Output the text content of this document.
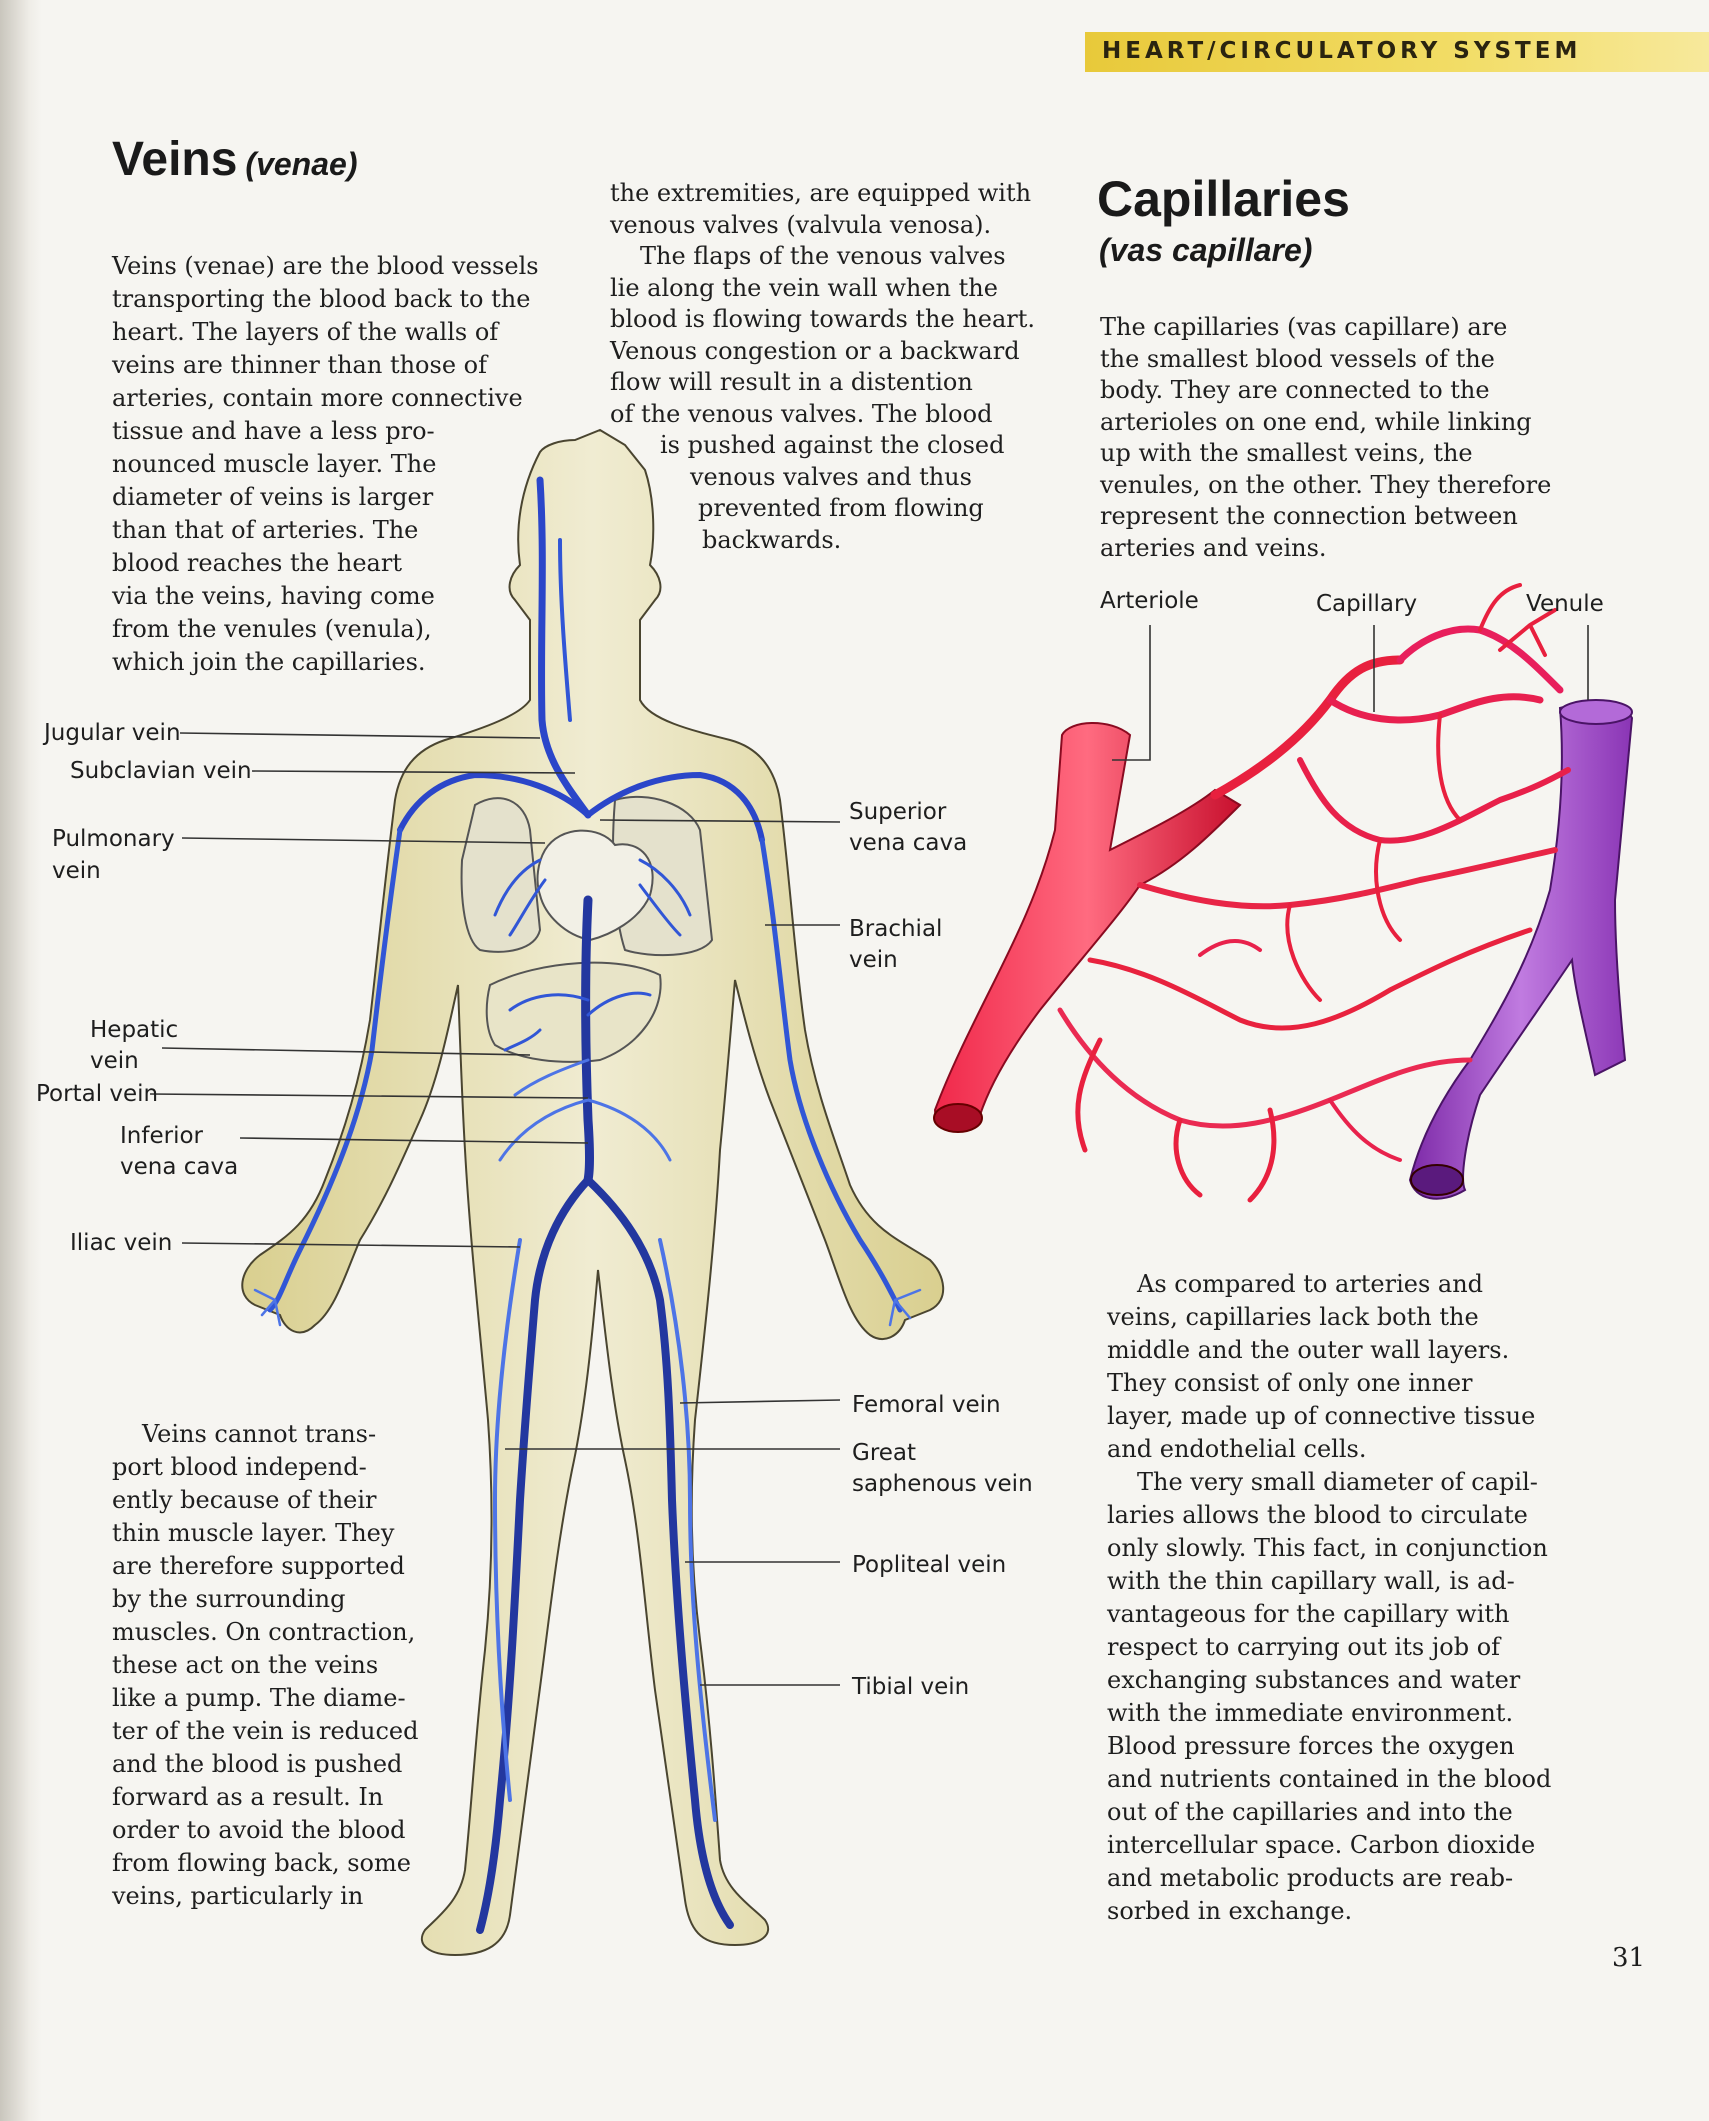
HEART/CIRCULATORY SYSTEM
Veins (venae)
Capillaries
(vas capillare)
Veins (venae) are the blood vessels
transporting the blood back to the
heart. The layers of the walls of
veins are thinner than those of
arteries, contain more connective
tissue and have a less pro-
nounced muscle layer. The
diameter of veins is larger
than that of arteries. The
blood reaches the heart
via the veins, having come
from the venules (venula),
which join the capillaries.
the extremities, are equipped with
venous valves (valvula venosa).
The flaps of the venous valves
lie along the vein wall when the
blood is flowing towards the heart.
Venous congestion or a backward
flow will result in a distention
of the venous valves. The blood
is pushed against the closed
venous valves and thus
prevented from flowing
backwards.
Veins cannot trans-
port blood independ-
ently because of their
thin muscle layer. They
are therefore supported
by the surrounding
muscles. On contraction,
these act on the veins
like a pump. The diame-
ter of the vein is reduced
and the blood is pushed
forward as a result. In
order to avoid the blood
from flowing back, some
veins, particularly in
The capillaries (vas capillare) are
the smallest blood vessels of the
body. They are connected to the
arterioles on one end, while linking
up with the smallest veins, the
venules, on the other. They therefore
represent the connection between
arteries and veins.
As compared to arteries and
veins, capillaries lack both the
middle and the outer wall layers.
They consist of only one inner
layer, made up of connective tissue
and endothelial cells.
The very small diameter of capil-
laries allows the blood to circulate
only slowly. This fact, in conjunction
with the thin capillary wall, is ad-
vantageous for the capillary with
respect to carrying out its job of
exchanging substances and water
with the immediate environment.
Blood pressure forces the oxygen
and nutrients contained in the blood
out of the capillaries and into the
intercellular space. Carbon dioxide
and metabolic products are reab-
sorbed in exchange.
Jugular vein
Subclavian vein
Pulmonary
vein
Hepatic
vein
Portal vein
Inferior
vena cava
Iliac vein
Superior
vena cava
Brachial
vein
Femoral vein
Great
saphenous vein
Popliteal vein
Tibial vein
Arteriole	Capillary	Venule
31
